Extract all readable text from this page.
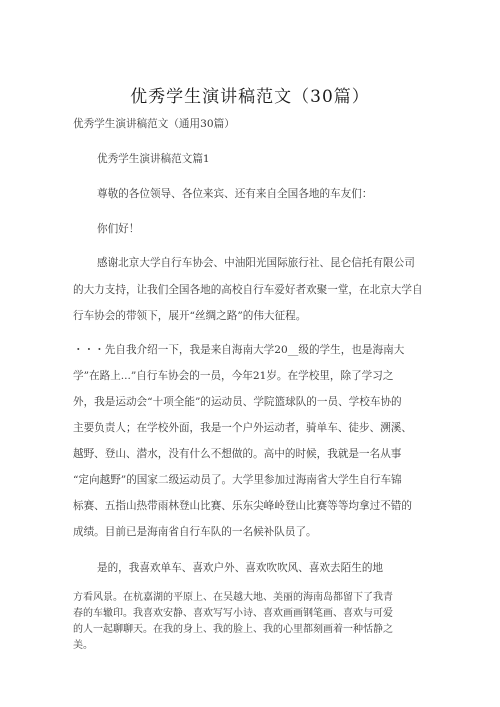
优秀学生演讲稿范文（30篇）
优秀学生演讲稿范文（通用30篇）
优秀学生演讲稿范文篇1
尊敬的各位领导、各位来宾、还有来自全国各地的车友们：
你们好！
感谢北京大学自行车协会、中油阳光国际旅行社、昆仑信托有限公司
的大力支持，让我们全国各地的高校自行车爱好者欢聚一堂，在北京大学自
行车协会的带领下，展开“丝绸之路”的伟大征程。
・・・先自我介绍一下，我是来自海南大学20__级的学生，也是海南大
学”在路上...”自行车协会的一员，今年21岁。在学校里，除了学习之
外，我是运动会“十项全能”的运动员、学院篮球队的一员、学校车协的
主要负责人；在学校外面，我是一个户外运动者，骑单车、徒步、溯溪、
越野、登山、潜水，没有什么不想做的。高中的时候，我就是一名从事
“定向越野”的国家二级运动员了。大学里参加过海南省大学生自行车锦
标赛、五指山热带雨林登山比赛、乐东尖峰岭登山比赛等等均拿过不错的
成绩。目前已是海南省自行车队的一名候补队员了。
是的，我喜欢单车、喜欢户外、喜欢吹吹风、喜欢去陌生的地
方看风景。在杭嘉湖的平原上、在吴越大地、美丽的海南岛都留下了我青
春的车辙印。我喜欢安静、喜欢写写小诗、喜欢画画钢笔画、喜欢与可爱
的人一起聊聊天。在我的身上、我的脸上、我的心里都刻画着一种恬静之
美。
